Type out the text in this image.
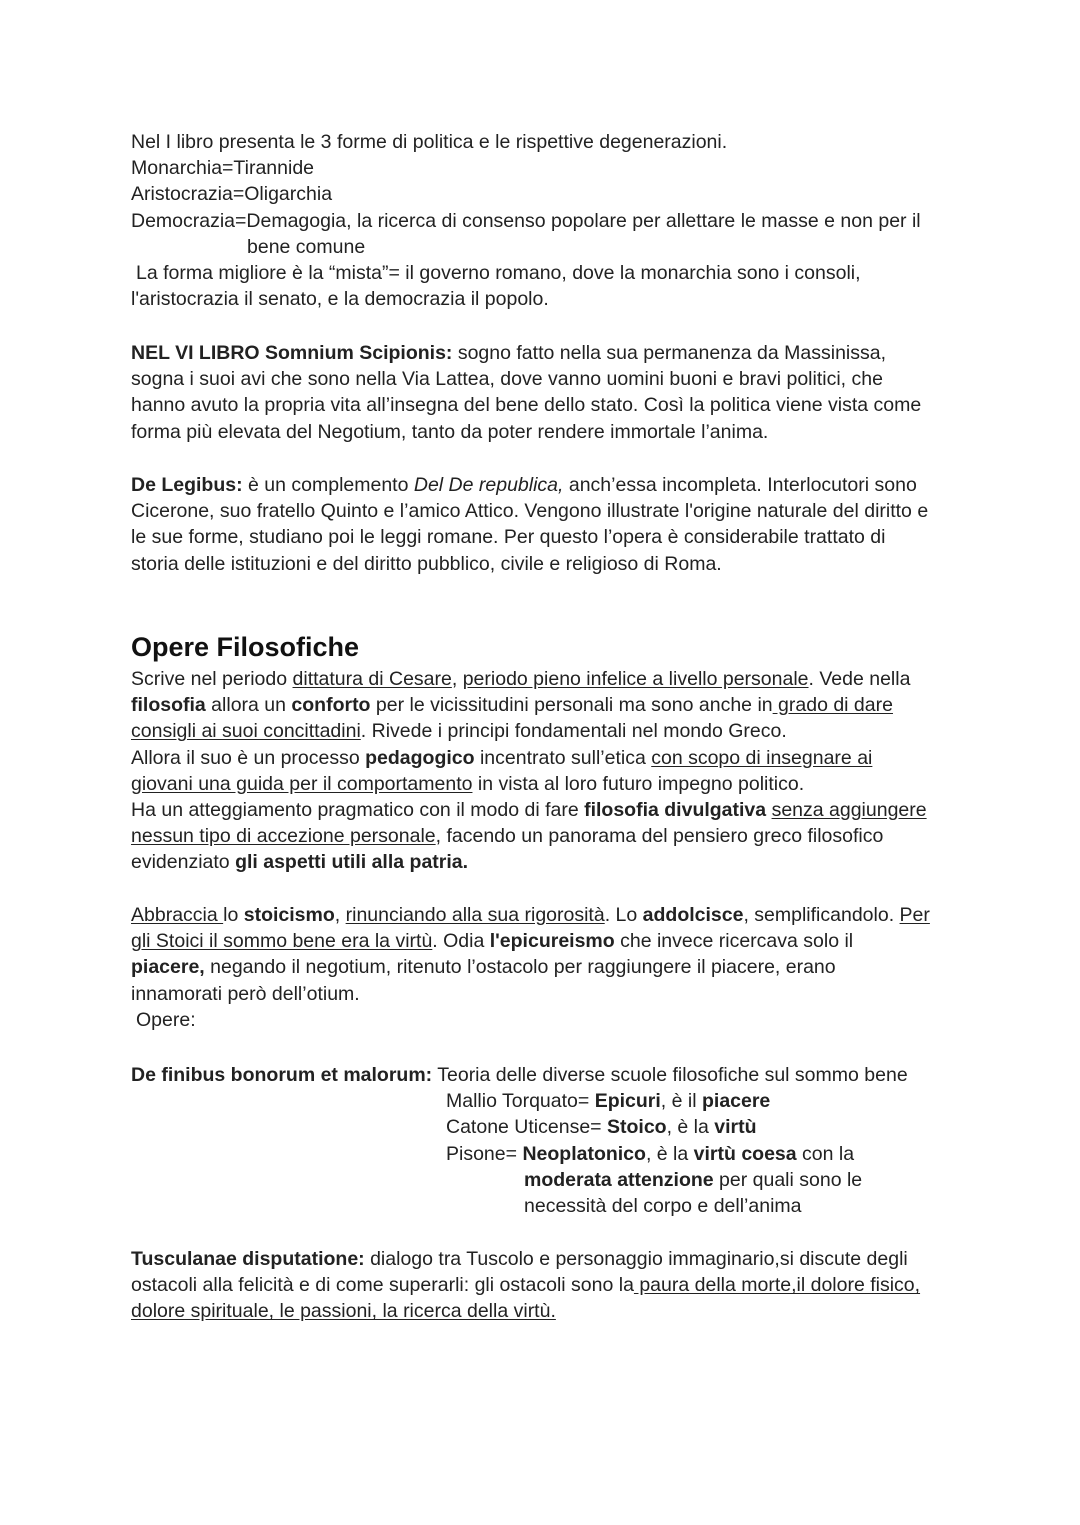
Nel I libro presenta le 3 forme di politica e le rispettive degenerazioni.

Monarchia=Tirannide

Aristocrazia=Oligarchia

Democrazia=Demagogia, la ricerca di consenso popolare per allettare le masse e non per il

bene comune

La forma migliore è la “mista”= il governo romano, dove la monarchia sono i consoli,

l'aristocrazia il senato, e la democrazia il popolo.

NEL VI LIBRO Somnium Scipionis: sogno fatto nella sua permanenza da Massinissa,

sogna i suoi avi che sono nella Via Lattea, dove vanno uomini buoni e bravi politici, che

hanno avuto la propria vita all’insegna del bene dello stato. Così la politica viene vista come

forma più elevata del Negotium, tanto da poter rendere immortale l’anima.

De Legibus: è un complemento Del De republica, anch’essa incompleta. Interlocutori sono

Cicerone, suo fratello Quinto e l’amico Attico. Vengono illustrate l'origine naturale del diritto e

le sue forme, studiano poi le leggi romane. Per questo l’opera è considerabile trattato di

storia delle istituzioni e del diritto pubblico, civile e religioso di Roma.

Opere Filosofiche

Scrive nel periodo dittatura di Cesare, periodo pieno infelice a livello personale. Vede nella

filosofia allora un conforto per le vicissitudini personali ma sono anche in grado di dare

consigli ai suoi concittadini. Rivede i principi fondamentali nel mondo Greco.

Allora il suo è un processo pedagogico incentrato sull’etica con scopo di insegnare ai

giovani una guida per il comportamento in vista al loro futuro impegno politico.

Ha un atteggiamento pragmatico con il modo di fare filosofia divulgativa senza aggiungere

nessun tipo di accezione personale, facendo un panorama del pensiero greco filosofico

evidenziato gli aspetti utili alla patria.

Abbraccia lo stoicismo, rinunciando alla sua rigorosità. Lo addolcisce, semplificandolo. Per

gli Stoici il sommo bene era la virtù. Odia l'epicureismo che invece ricercava solo il

piacere, negando il negotium, ritenuto l’ostacolo per raggiungere il piacere, erano

innamorati però dell’otium.

Opere:

De finibus bonorum et malorum: Teoria delle diverse scuole filosofiche sul sommo bene
Mallio Torquato= Epicuri, è il piacere
Catone Uticense= Stoico, è la virtù
Pisone= Neoplatonico, è la virtù coesa con la
moderata attenzione per quali sono le
necessità del corpo e dell’anima

Tusculanae disputatione: dialogo tra Tuscolo e personaggio immaginario,si discute degli

ostacoli alla felicità e di come superarli: gli ostacoli sono la paura della morte,il dolore fisico,

dolore spirituale, le passioni, la ricerca della virtù.
